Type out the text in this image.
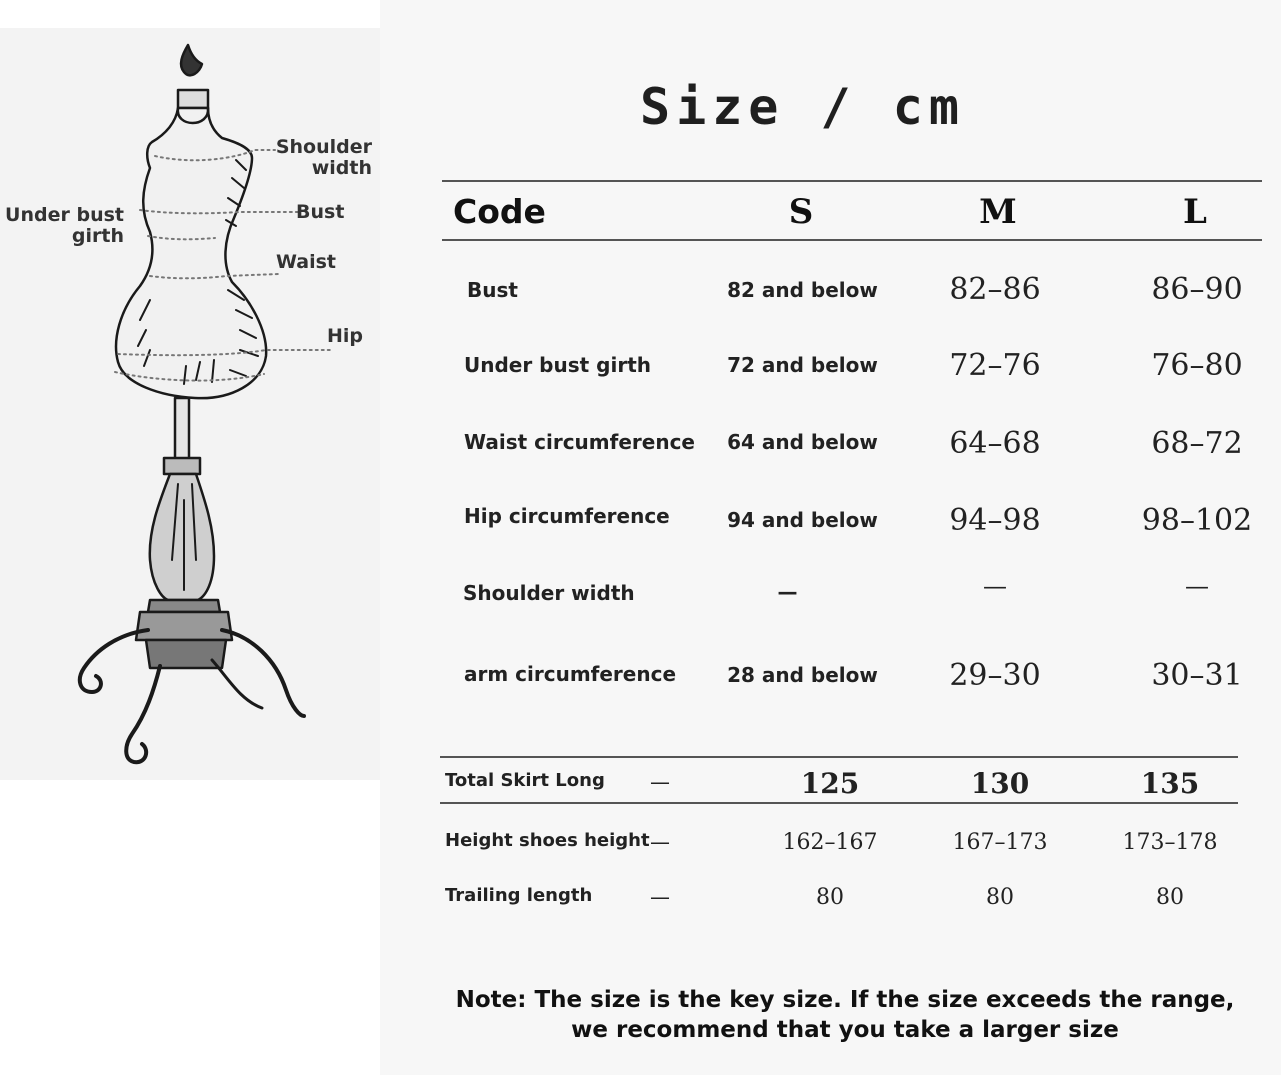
Shoulder width
Bust
Under bust girth
Waist
Hip
Size / cm
Code	S	M	L
Bust	82 and below	82–86	86–90
Under bust girth	72 and below	72–76	76–80
Waist circumference	64 and below	64–68	68–72
Hip circumference	94 and below	94–98	98–102
Shoulder width	—	—	—
arm circumference	28 and below	29–30	30–31
Total Skirt Long —	125	130	135
Height shoes height —	162–167	167–173	173–178
Trailing length	—	80	80	80
Note: The size is the key size. If the size exceeds the range,
we recommend that you take a larger size
